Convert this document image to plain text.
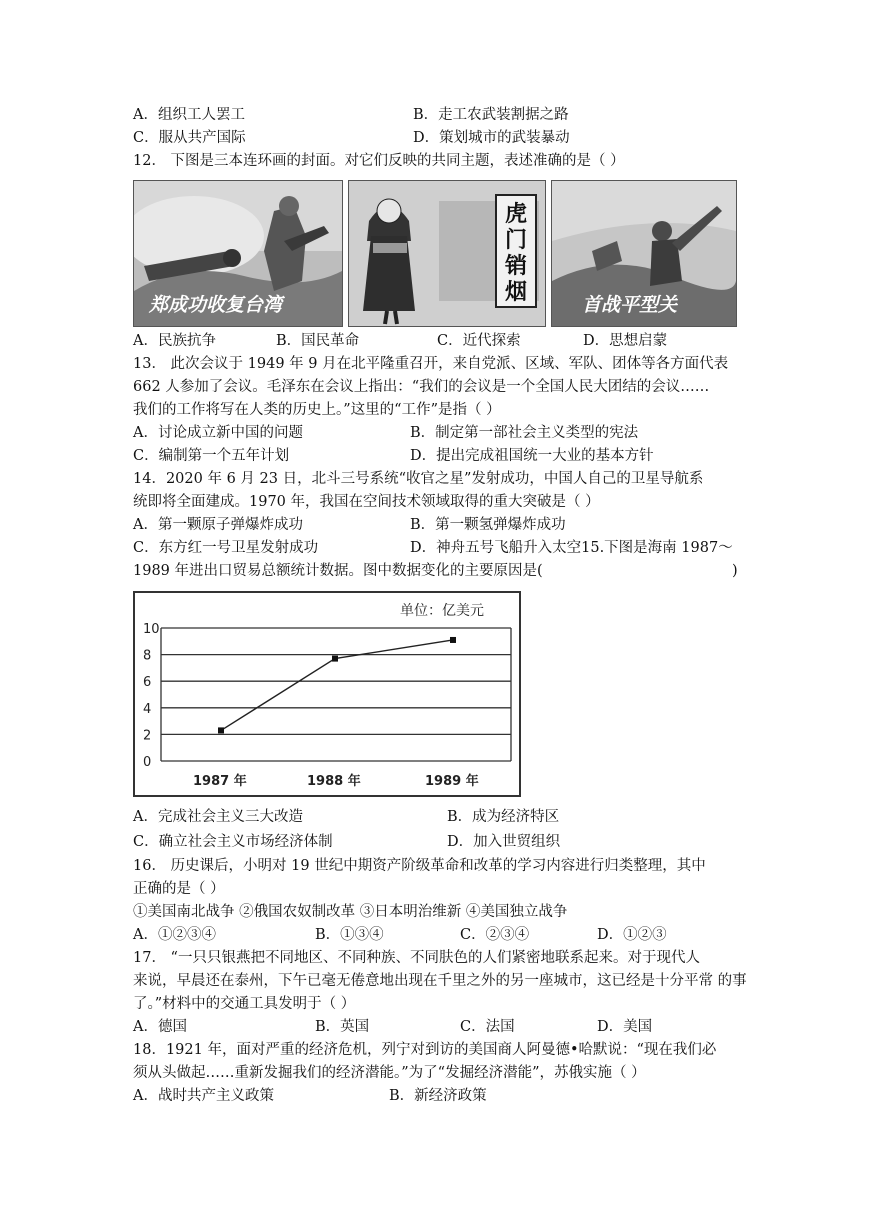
A．组织工人罢工	B．走工农武装割据之路
C．服从共产国际	D．策划城市的武装暴动
12． 下图是三本连环画的封面。对它们反映的共同主题，表述准确的是（ ）
郑成功收复台湾
虎门销烟	首战平型关
A．民族抗争	B．国民革命	C．近代探索	D．思想启蒙
13． 此次会议于 1949 年 9 月在北平隆重召开，来自党派、区域、军队、团体等各方面代表
662 人参加了会议。毛泽东在会议上指出：“我们的会议是一个全国人民大团结的会议……
我们的工作将写在人类的历史上。”这里的“工作”是指（ ）
A．讨论成立新中国的问题	B．制定第一部社会主义类型的宪法
C．编制第一个五年计划	D．提出完成祖国统一大业的基本方针
14．2020 年 6 月 23 日，北斗三号系统“收官之星”发射成功，中国人自己的卫星导航系
统即将全面建成。1970 年，我国在空间技术领域取得的重大突破是（ ）
A．第一颗原子弹爆炸成功	B．第一颗氢弹爆炸成功
C．东方红一号卫星发射成功	D．神舟五号飞船升入太空15.下图是海南 1987～
1989 年进出口贸易总额统计数据。图中数据变化的主要原因是(	)
单位：亿美元
0
2
4
6
8
10
1987 年	1988 年	1989 年
A．完成社会主义三大改造	B．成为经济特区
C．确立社会主义市场经济体制	D．加入世贸组织
16． 历史课后，小明对 19 世纪中期资产阶级革命和改革的学习内容进行归类整理，其中
正确的是（ ）
①美国南北战争 ②俄国农奴制改革 ③日本明治维新 ④美国独立战争
A．①②③④	B．①③④	C．②③④	D．①②③
17． “一只只银燕把不同地区、不同种族、不同肤色的人们紧密地联系起来。对于现代人
来说，早晨还在泰州，下午已毫无倦意地出现在千里之外的另一座城市，这已经是十分平常 的事
了。”材料中的交通工具发明于（ ）
A．德国	B．英国	C．法国	D．美国
18．1921 年，面对严重的经济危机，列宁对到访的美国商人阿曼德•哈默说：“现在我们必
须从头做起……重新发掘我们的经济潜能。”为了“发掘经济潜能”，苏俄实施（ ）
A．战时共产主义政策	B．新经济政策
